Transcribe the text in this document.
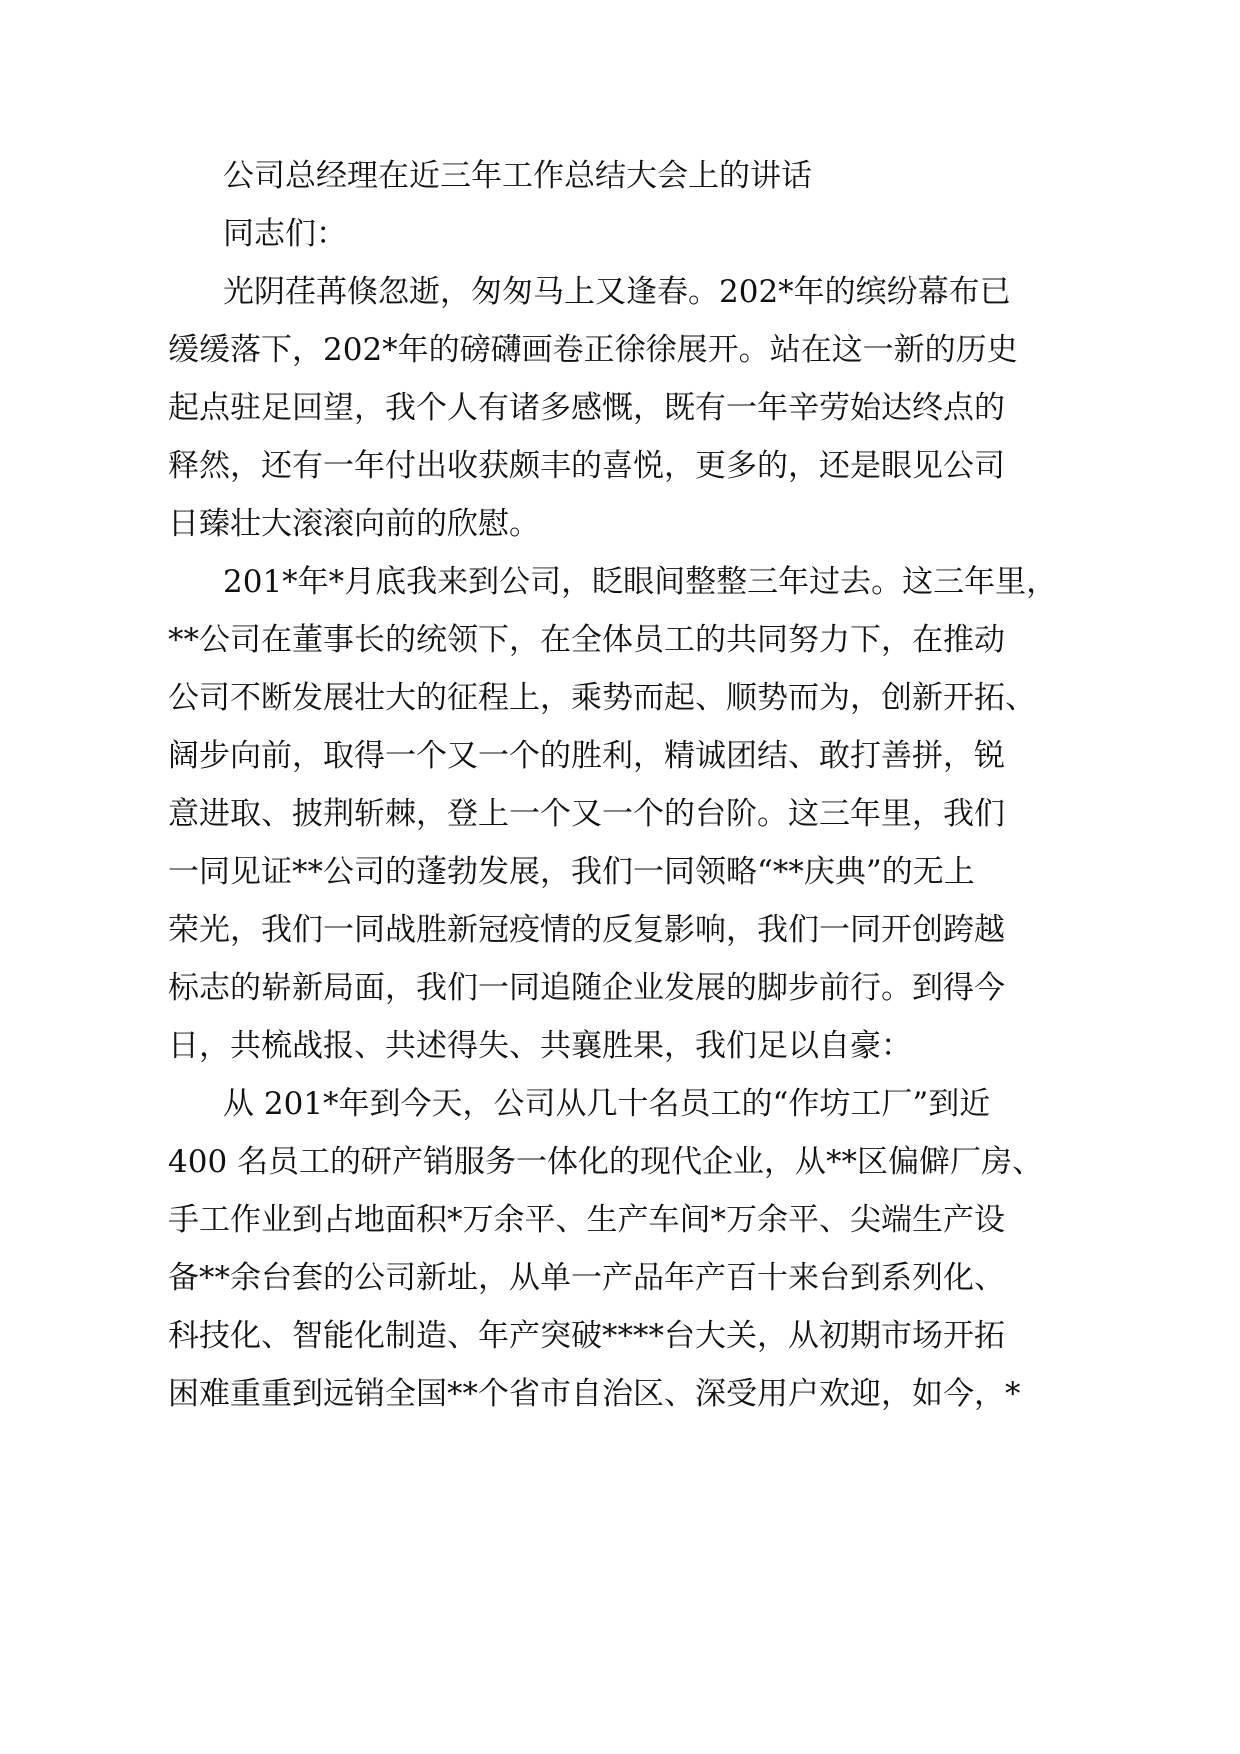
公司总经理在近三年工作总结大会上的讲话
同志们：
光阴荏苒倏忽逝，匆匆马上又逢春。202*年的缤纷幕布已
缓缓落下，202*年的磅礴画卷正徐徐展开。站在这一新的历史
起点驻足回望，我个人有诸多感慨，既有一年辛劳始达终点的
释然，还有一年付出收获颇丰的喜悦，更多的，还是眼见公司
日臻壮大滚滚向前的欣慰。
201*年*月底我来到公司，眨眼间整整三年过去。这三年里，
**公司在董事长的统领下，在全体员工的共同努力下，在推动
公司不断发展壮大的征程上，乘势而起、顺势而为，创新开拓、
阔步向前，取得一个又一个的胜利，精诚团结、敢打善拼，锐
意进取、披荆斩棘，登上一个又一个的台阶。这三年里，我们
一同见证**公司的蓬勃发展，我们一同领略“**庆典”的无上
荣光，我们一同战胜新冠疫情的反复影响，我们一同开创跨越
标志的崭新局面，我们一同追随企业发展的脚步前行。到得今
日，共梳战报、共述得失、共襄胜果，我们足以自豪：
从 201*年到今天，公司从几十名员工的“作坊工厂”到近
400 名员工的研产销服务一体化的现代企业，从**区偏僻厂房、
手工作业到占地面积*万余平、生产车间*万余平、尖端生产设
备**余台套的公司新址，从单一产品年产百十来台到系列化、
科技化、智能化制造、年产突破****台大关，从初期市场开拓
困难重重到远销全国**个省市自治区、深受用户欢迎，如今，*
